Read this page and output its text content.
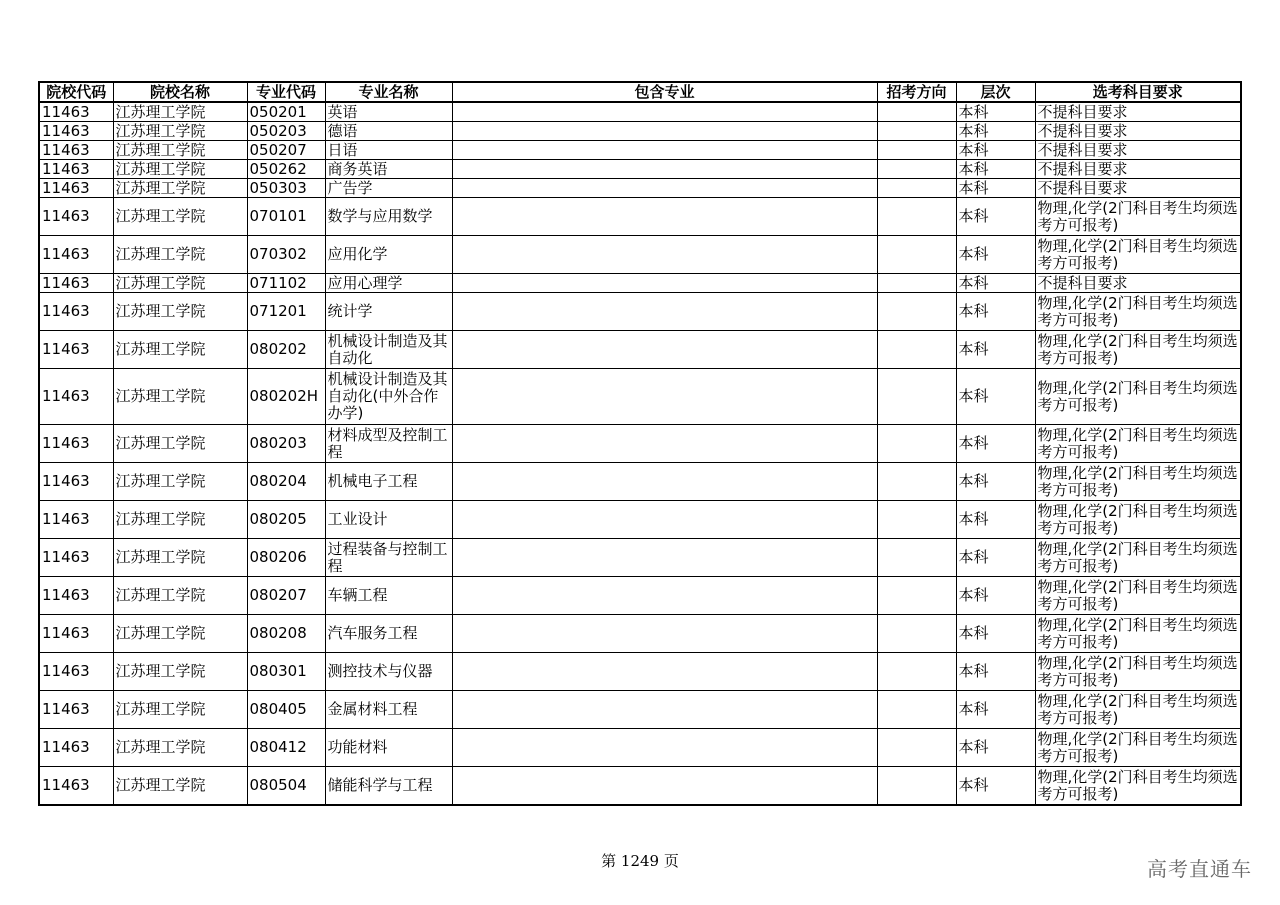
院校代码	院校名称	专业代码	专业名称	包含专业	招考方向	层次	选考科目要求
11463	江苏理工学院	050201	英语			本科	不提科目要求
11463	江苏理工学院	050203	德语			本科	不提科目要求
11463	江苏理工学院	050207	日语			本科	不提科目要求
11463	江苏理工学院	050262	商务英语			本科	不提科目要求
11463	江苏理工学院	050303	广告学			本科	不提科目要求
11463	江苏理工学院	070101	数学与应用数学			本科	物理,化学(2门科目考生均须选考方可报考)
11463	江苏理工学院	070302	应用化学			本科	物理,化学(2门科目考生均须选考方可报考)
11463	江苏理工学院	071102	应用心理学			本科	不提科目要求
11463	江苏理工学院	071201	统计学			本科	物理,化学(2门科目考生均须选考方可报考)
11463	江苏理工学院	080202	机械设计制造及其自动化			本科	物理,化学(2门科目考生均须选考方可报考)
11463	江苏理工学院	080202H	机械设计制造及其自动化(中外合作办学)			本科	物理,化学(2门科目考生均须选考方可报考)
11463	江苏理工学院	080203	材料成型及控制工程			本科	物理,化学(2门科目考生均须选考方可报考)
11463	江苏理工学院	080204	机械电子工程			本科	物理,化学(2门科目考生均须选考方可报考)
11463	江苏理工学院	080205	工业设计			本科	物理,化学(2门科目考生均须选考方可报考)
11463	江苏理工学院	080206	过程装备与控制工程			本科	物理,化学(2门科目考生均须选考方可报考)
11463	江苏理工学院	080207	车辆工程			本科	物理,化学(2门科目考生均须选考方可报考)
11463	江苏理工学院	080208	汽车服务工程			本科	物理,化学(2门科目考生均须选考方可报考)
11463	江苏理工学院	080301	测控技术与仪器			本科	物理,化学(2门科目考生均须选考方可报考)
11463	江苏理工学院	080405	金属材料工程			本科	物理,化学(2门科目考生均须选考方可报考)
11463	江苏理工学院	080412	功能材料			本科	物理,化学(2门科目考生均须选考方可报考)
11463	江苏理工学院	080504	储能科学与工程			本科	物理,化学(2门科目考生均须选考方可报考)
第 1249 页	高考直通车
